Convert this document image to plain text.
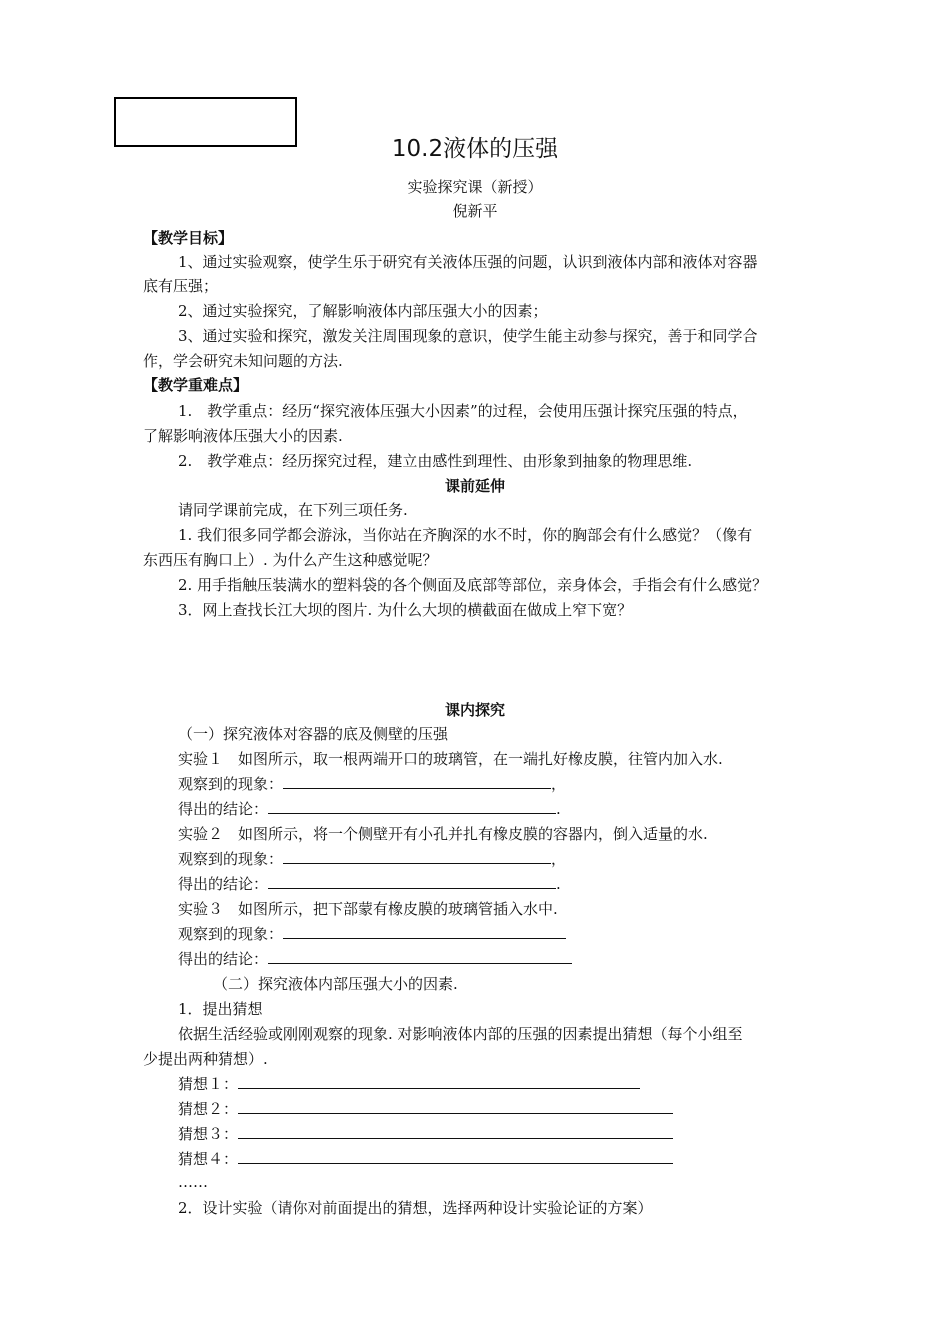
10.2液体的压强
实验探究课（新授）
倪新平
【教学目标】
1、通过实验观察，使学生乐于研究有关液体压强的问题，认识到液体内部和液体对容器
底有压强；
2、通过实验探究，了解影响液体内部压强大小的因素；
3、通过实验和探究，激发关注周围现象的意识，使学生能主动参与探究，善于和同学合
作，学会研究未知问题的方法.
【教学重难点】
1.　教学重点：经历“探究液体压强大小因素”的过程，会使用压强计探究压强的特点，
了解影响液体压强大小的因素.
2.　教学难点：经历探究过程，建立由感性到理性、由形象到抽象的物理思维.
课前延伸
请同学课前完成，在下列三项任务.
1. 我们很多同学都会游泳，当你站在齐胸深的水不时，你的胸部会有什么感觉？（像有
东西压有胸口上）. 为什么产生这种感觉呢？
2. 用手指触压装满水的塑料袋的各个侧面及底部等部位，亲身体会，手指会有什么感觉？
3．网上查找长江大坝的图片. 为什么大坝的横截面在做成上窄下宽？
课内探究
（一）探究液体对容器的底及侧壁的压强
实验１　如图所示，取一根两端开口的玻璃管，在一端扎好橡皮膜，往管内加入水.
观察到的现象：	，
得出的结论：	.
实验２　如图所示，将一个侧壁开有小孔并扎有橡皮膜的容器内，倒入适量的水.
观察到的现象：	，
得出的结论：	.
实验３　如图所示，把下部蒙有橡皮膜的玻璃管插入水中.
观察到的现象：
得出的结论：
（二）探究液体内部压强大小的因素.
1．提出猜想
依据生活经验或刚刚观察的现象. 对影响液体内部的压强的因素提出猜想（每个小组至
少提出两种猜想）.
猜想１：
猜想２：
猜想３：
猜想４：
……
2．设计实验（请你对前面提出的猜想，选择两种设计实验论证的方案）
